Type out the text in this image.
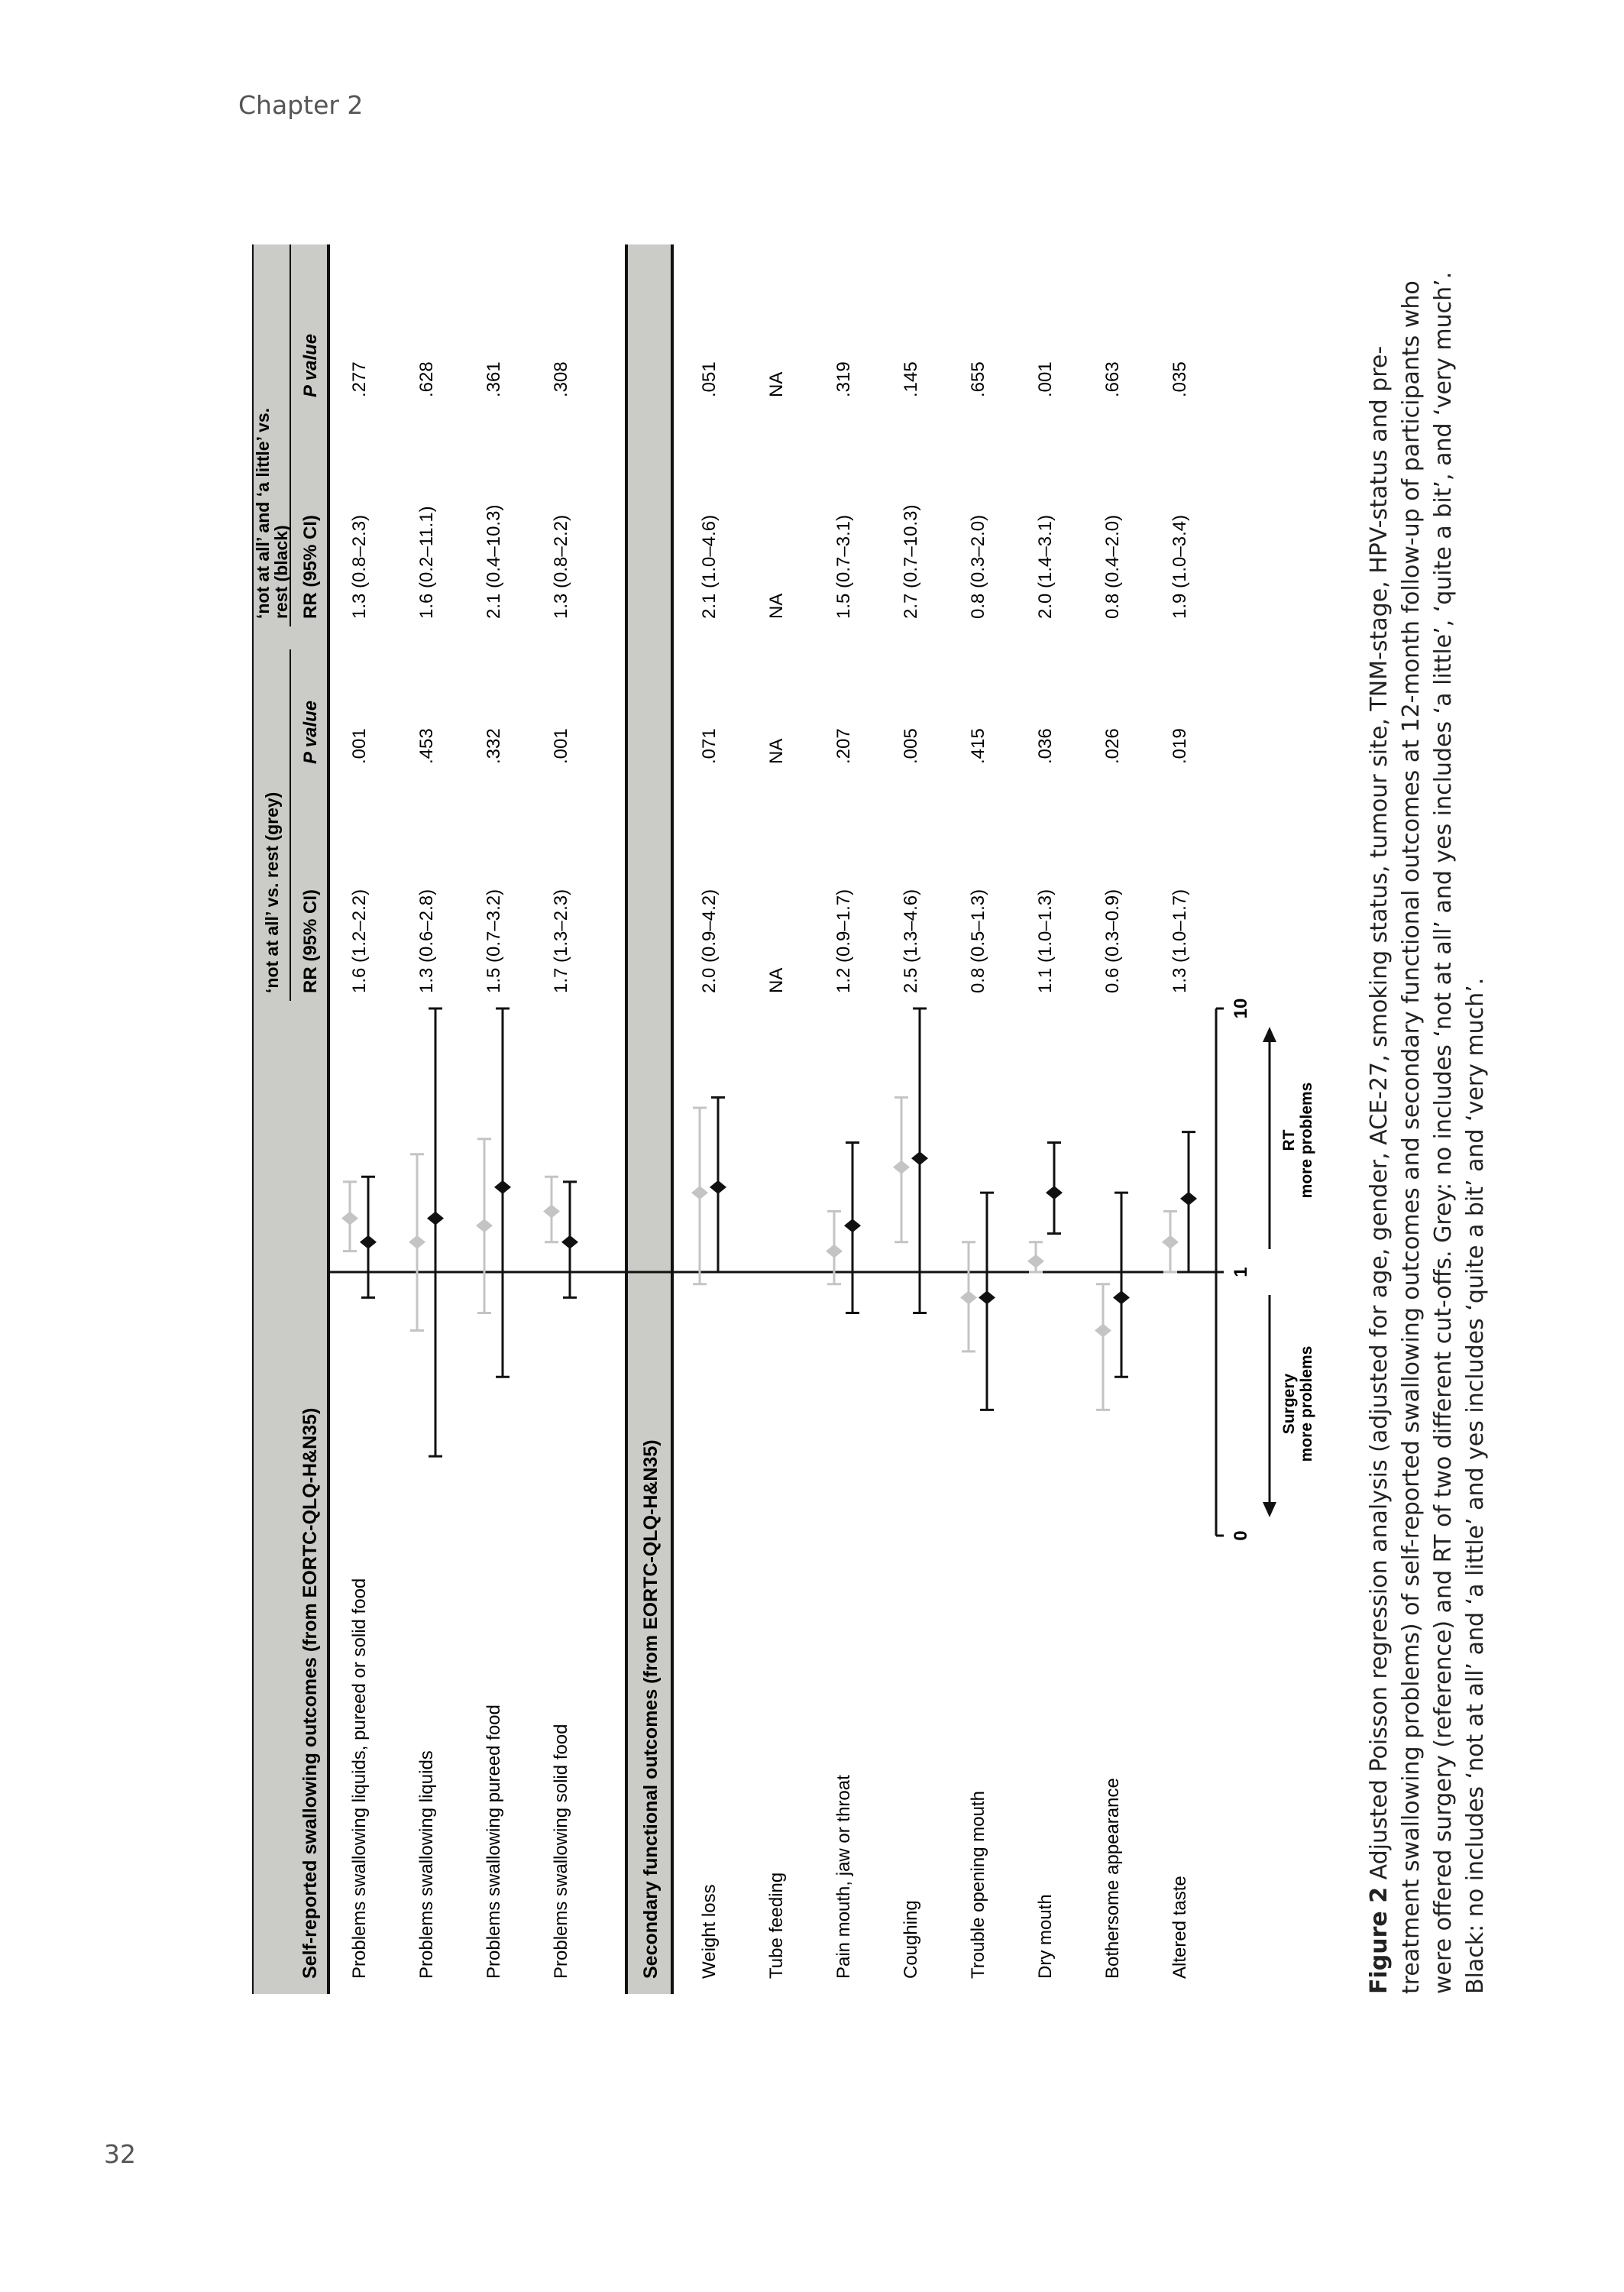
Chapter 2
32
‘not at all’ vs. rest (grey)
‘not at all’ and ‘a little’ vs.
rest (black)
RR (95% CI)
P value
RR (95% CI)
P value
Self-reported swallowing outcomes (from EORTC-QLQ-H&N35)	Secondary functional outcomes (from EORTC-QLQ-H&N35)
Problems swallowing liquids, pureed or solid food
1.6 (1.2–2.2)
.001
1.3 (0.8–2.3)
.277
Problems swallowing liquids
1.3 (0.6–2.8)
.453
1.6 (0.2–11.1)
.628
Problems swallowing pureed food
1.5 (0.7–3.2)
.332
2.1 (0.4–10.3)
.361
Problems swallowing solid food
1.7 (1.3–2.3)
.001
1.3 (0.8–2.2)
.308
Weight loss
2.0 (0.9–4.2)
.071
2.1 (1.0–4.6)
.051
Tube feeding
NA
NA
NA
NA
Pain mouth, jaw or throat
1.2 (0.9–1.7)
.207
1.5 (0.7–3.1)
.319
Coughing
2.5 (1.3–4.6)
.005
2.7 (0.7–10.3)
.145
Trouble opening mouth
0.8 (0.5–1.3)
.415
0.8 (0.3–2.0)
.655
Dry mouth
1.1 (1.0–1.3)
.036
2.0 (1.4–3.1)
.001
Bothersome appearance
0.6 (0.3–0.9)
.026
0.8 (0.4–2.0)
.663
Altered taste
1.3 (1.0–1.7)
.019
1.9 (1.0–3.4)
.035
0
1
10
Surgery more problems
RT more problems
Figure 2 Adjusted Poisson regression analysis (adjusted for age, gender, ACE-27, smoking status, tumour site, TNM-stage, HPV-status and pre-treatment swallowing problems) of self-reported swallowing outcomes and secondary functional outcomes at 12-month follow-up of participants who were offered surgery (reference) and RT of two different cut-offs. Grey: no includes ‘not at all’ and yes includes ‘a little’, ‘quite a bit’, and ‘very much’. Black: no includes ‘not at all’ and ‘a little’ and yes includes ‘quite a bit’ and ‘very much’.
